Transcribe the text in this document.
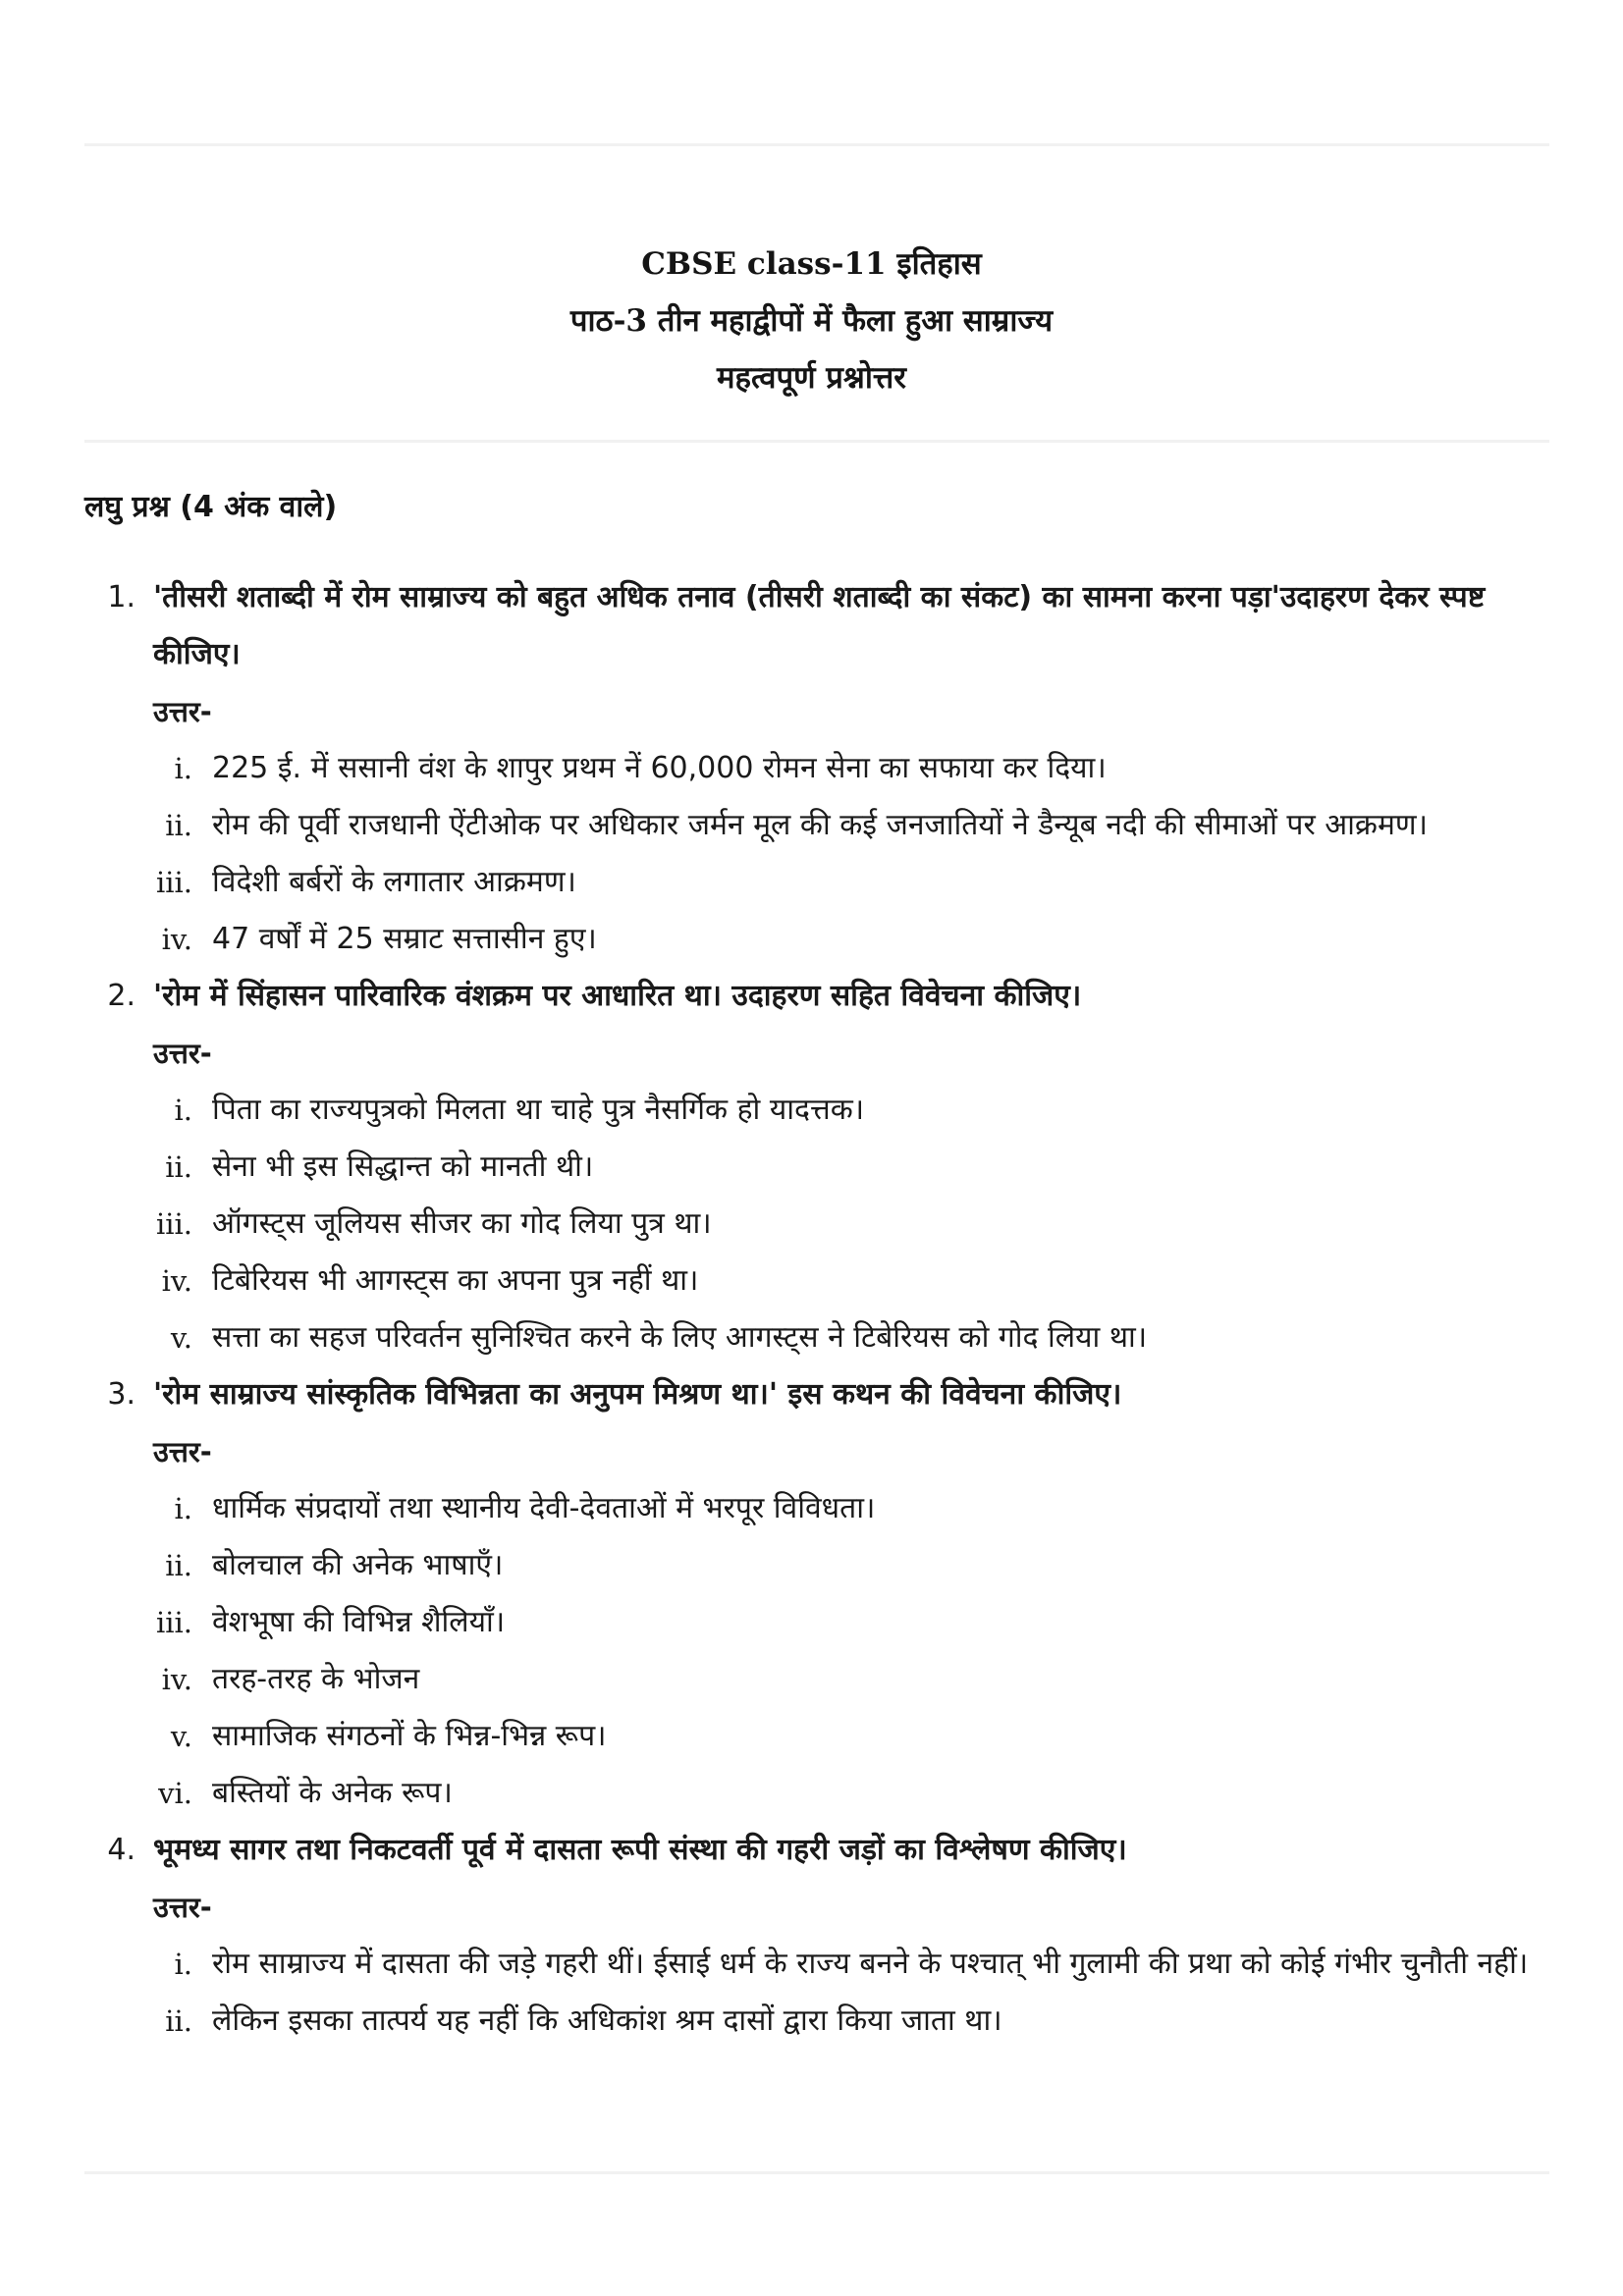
CBSE class-11 इतिहास
पाठ-3 तीन महाद्वीपों में फैला हुआ साम्राज्य
महत्वपूर्ण प्रश्नोत्तर
लघु प्रश्न (4 अंक वाले)
1. 'तीसरी शताब्दी में रोम साम्राज्य को बहुत अधिक तनाव (तीसरी शताब्दी का संकट) का सामना करना पड़ा'उदाहरण देकर स्पष्ट कीजिए।
उत्तर-
i. 225 ई. में ससानी वंश के शापुर प्रथम नें 60,000 रोमन सेना का सफाया कर दिया।
ii. रोम की पूर्वी राजधानी ऐंटीओक पर अधिकार जर्मन मूल की कई जनजातियों ने डैन्यूब नदी की सीमाओं पर आक्रमण।
iii. विदेशी बर्बरों के लगातार आक्रमण।
iv. 47 वर्षों में 25 सम्राट सत्तासीन हुए।
2. 'रोम में सिंहासन पारिवारिक वंशक्रम पर आधारित था। उदाहरण सहित विवेचना कीजिए।
उत्तर-
i. पिता का राज्यपुत्रको मिलता था चाहे पुत्र नैसर्गिक हो यादत्तक।
ii. सेना भी इस सिद्धान्त को मानती थी।
iii. ऑगस्ट्स जूलियस सीजर का गोद लिया पुत्र था।
iv. टिबेरियस भी आगस्ट्स का अपना पुत्र नहीं था।
v. सत्ता का सहज परिवर्तन सुनिश्चित करने के लिए आगस्ट्स ने टिबेरियस को गोद लिया था।
3. 'रोम साम्राज्य सांस्कृतिक विभिन्नता का अनुपम मिश्रण था।' इस कथन की विवेचना कीजिए।
उत्तर-
i. धार्मिक संप्रदायों तथा स्थानीय देवी-देवताओं में भरपूर विविधता।
ii. बोलचाल की अनेक भाषाएँ।
iii. वेशभूषा की विभिन्न शैलियाँ।
iv. तरह-तरह के भोजन
v. सामाजिक संगठनों के भिन्न-भिन्न रूप।
vi. बस्तियों के अनेक रूप।
4. भूमध्य सागर तथा निकटवर्ती पूर्व में दासता रूपी संस्था की गहरी जड़ों का विश्लेषण कीजिए।
उत्तर-
i. रोम साम्राज्य में दासता की जड़े गहरी थीं। ईसाई धर्म के राज्य बनने के पश्चात् भी गुलामी की प्रथा को कोई गंभीर चुनौती नहीं।
ii. लेकिन इसका तात्पर्य यह नहीं कि अधिकांश श्रम दासों द्वारा किया जाता था।
